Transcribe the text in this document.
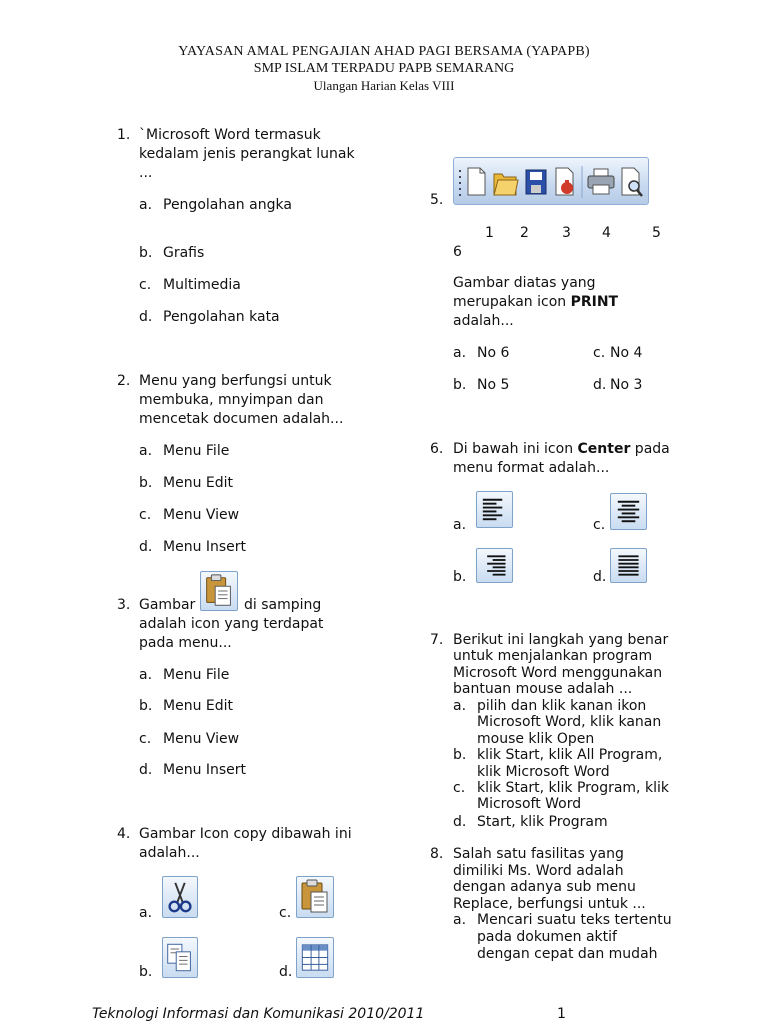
YAYASAN AMAL PENGAJIAN AHAD PAGI BERSAMA (YAPAPB)
SMP ISLAM TERPADU PAPB SEMARANG
Ulangan Harian Kelas VIII
1. `Microsoft Word termasuk
kedalam jenis perangkat lunak
...
a. Pengolahan angka
b. Grafis
c. Multimedia
d. Pengolahan kata
2. Menu yang berfungsi untuk
membuka, mnyimpan dan
mencetak documen adalah...
a. Menu File
b. Menu Edit
c. Menu View
d. Menu Insert
3. Gambar	di samping
adalah icon yang terdapat
pada menu...
a. Menu File
b. Menu Edit
c. Menu View
d. Menu Insert
4. Gambar Icon copy dibawah ini
adalah...
a.
b.
c.
d.
5.
1 2 3 4	5
6
Gambar diatas yang
merupakan icon PRINT
adalah...
a. No 6	c. No 4
b. No 5	d. No 3
6. Di bawah ini icon Center pada
menu format adalah...
a.	c.
b.	d.
7. Berikut ini langkah yang benar
untuk menjalankan program
Microsoft Word menggunakan
bantuan mouse adalah ...
a. pilih dan klik kanan ikon
Microsoft Word, klik kanan
mouse klik Open
b. klik Start, klik All Program,
klik Microsoft Word
c. klik Start, klik Program, klik
Microsoft Word
d. Start, klik Program
8. Salah satu fasilitas yang
dimiliki Ms. Word adalah
dengan adanya sub menu
Replace, berfungsi untuk ...
a. Mencari suatu teks tertentu
pada dokumen aktif
dengan cepat dan mudah
Teknologi Informasi dan Komunikasi 2010/2011	1
